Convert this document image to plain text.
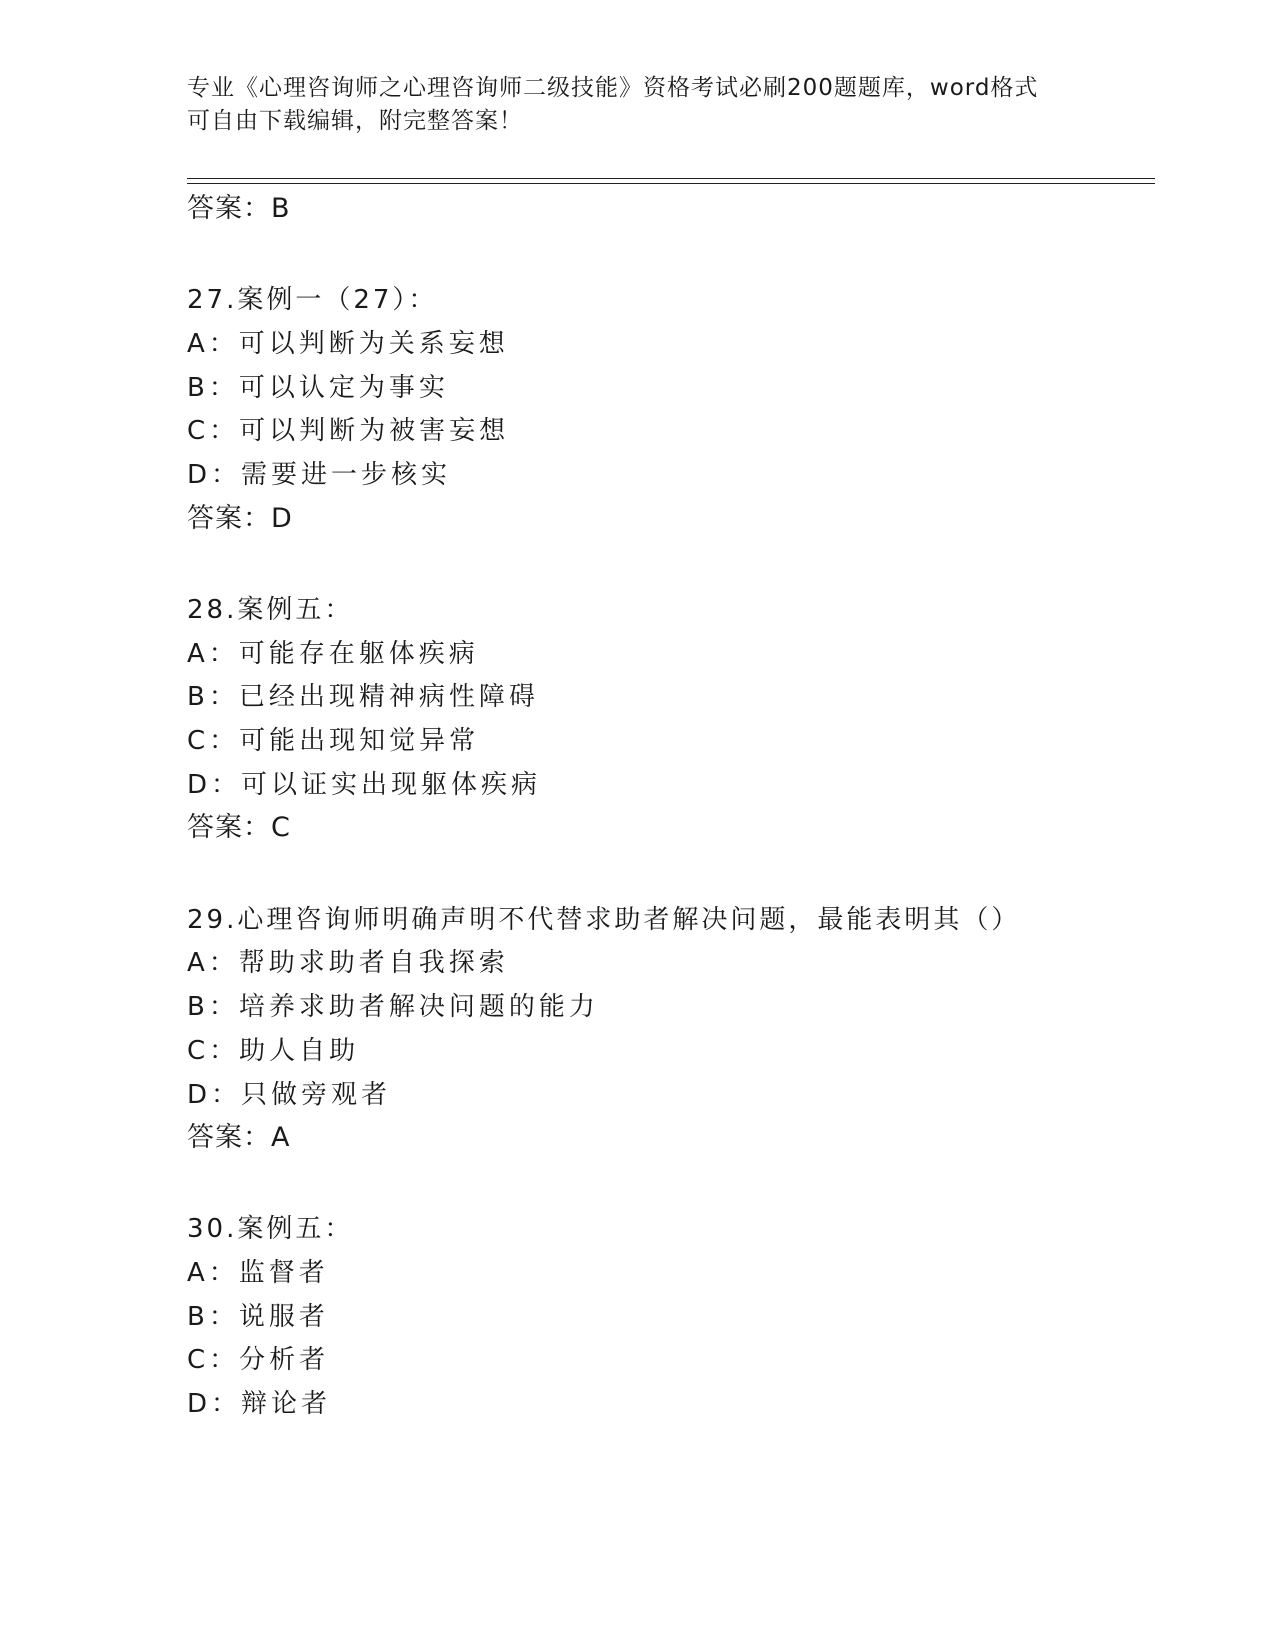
专业《心理咨询师之心理咨询师二级技能》资格考试必刷200题题库，word格式
可自由下载编辑，附完整答案！
答案：B
27.案例一（27）：
A：可以判断为关系妄想
B：可以认定为事实
C：可以判断为被害妄想
D：需要进一步核实
答案：D
28.案例五：
A：可能存在躯体疾病
B：已经出现精神病性障碍
C：可能出现知觉异常
D：可以证实出现躯体疾病
答案：C
29.心理咨询师明确声明不代替求助者解决问题，最能表明其（）
A：帮助求助者自我探索
B：培养求助者解决问题的能力
C：助人自助
D：只做旁观者
答案：A
30.案例五：
A：监督者
B：说服者
C：分析者
D：辩论者
